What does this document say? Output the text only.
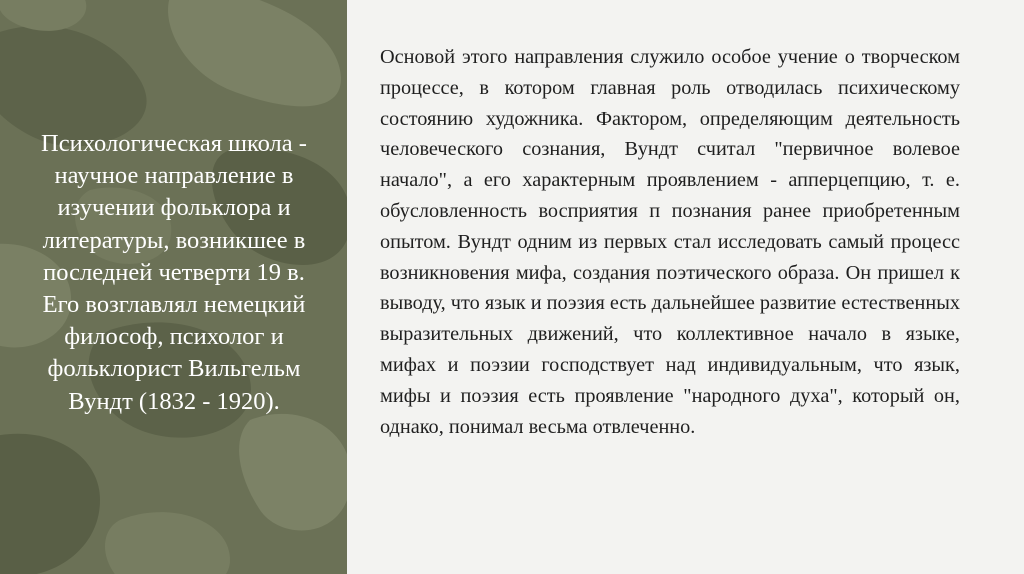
Психологическая школа -
научное направление в
изучении фольклора и
литературы, возникшее в
последней четверти 19 в.
Его возглавлял немецкий
философ, психолог и
фольклорист Вильгельм
Вундт (1832 - 1920).

Основой этого направления служило особое учение о творческом процессе, в котором главная роль отводилась психическому состоянию художника. Фактором, определяющим деятельность человеческого сознания, Вундт считал "первичное волевое начало", а его характерным проявлением - апперцепцию, т. е. обусловленность восприятия п познания ранее приобретенным опытом. Вундт одним из первых стал исследовать самый процесс возникновения мифа, создания поэтического образа. Он пришел к выводу, что язык и поэзия есть дальнейшее развитие естественных выразительных движений, что коллективное начало в языке, мифах и поэзии господствует над индивидуальным, что язык, мифы и поэзия есть проявление "народного духа", который он, однако, понимал весьма отвлеченно.
